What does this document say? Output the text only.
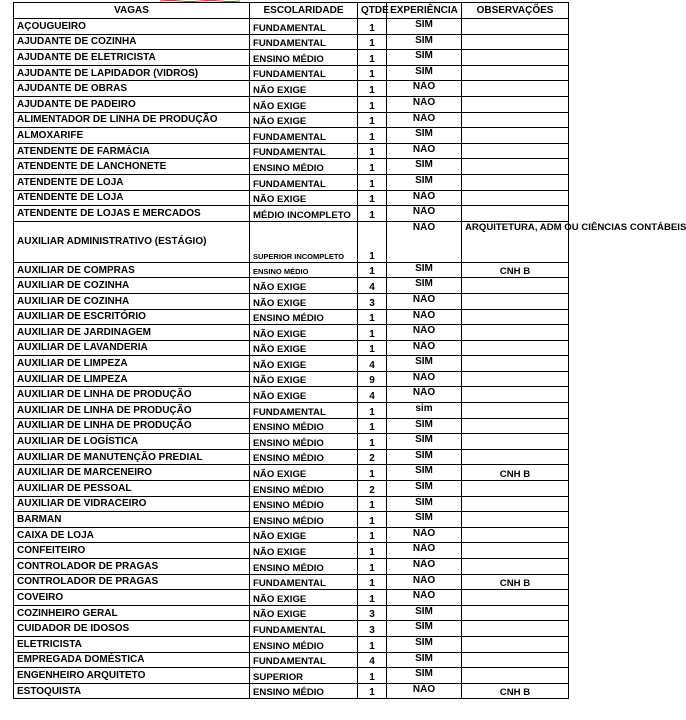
VAGAS	ESCOLARIDADE	QTDE	EXPERIÊNCIA	OBSERVAÇÕES
AÇOUGUEIRO	FUNDAMENTAL	1	SIM	
AJUDANTE DE COZINHA	FUNDAMENTAL	1	SIM	
AJUDANTE DE ELETRICISTA	ENSINO MÉDIO	1	SIM	
AJUDANTE DE LAPIDADOR (VIDROS)	FUNDAMENTAL	1	SIM	
AJUDANTE DE OBRAS	NÃO EXIGE	1	NÃO	
AJUDANTE DE PADEIRO	NÃO EXIGE	1	NÃO	
ALIMENTADOR DE LINHA DE PRODUÇÃO	NÃO EXIGE	1	NÃO	
ALMOXARIFE	FUNDAMENTAL	1	SIM	
ATENDENTE DE FARMÁCIA	FUNDAMENTAL	1	NÃO	
ATENDENTE DE LANCHONETE	ENSINO MÉDIO	1	SIM	
ATENDENTE DE LOJA	FUNDAMENTAL	1	SIM	
ATENDENTE DE LOJA	NÃO EXIGE	1	NÃO	
ATENDENTE DE LOJAS E MERCADOS	MÉDIO INCOMPLETO	1	NÃO	
AUXILIAR ADMINISTRATIVO (ESTÁGIO)	SUPERIOR INCOMPLETO	1	NÃO	ARQUITETURA, ADM OU CIÊNCIAS CONTÁBEIS
AUXILIAR DE COMPRAS	ENSINO MÉDIO	1	SIM	CNH B
AUXILIAR DE COZINHA	NÃO EXIGE	4	SIM	
AUXILIAR DE COZINHA	NÃO EXIGE	3	NÃO	
AUXILIAR DE ESCRITÓRIO	ENSINO MÉDIO	1	NÃO	
AUXILIAR DE JARDINAGEM	NÃO EXIGE	1	NÃO	
AUXILIAR DE LAVANDERIA	NÃO EXIGE	1	NÃO	
AUXILIAR DE LIMPEZA	NÃO EXIGE	4	SIM	
AUXILIAR DE LIMPEZA	NÃO EXIGE	9	NÃO	
AUXILIAR DE LINHA DE PRODUÇÃO	NÃO EXIGE	4	NÃO	
AUXILIAR DE LINHA DE PRODUÇÃO	FUNDAMENTAL	1	sim	
AUXILIAR DE LINHA DE PRODUÇÃO	ENSINO MÉDIO	1	SIM	
AUXILIAR DE LOGÍSTICA	ENSINO MÉDIO	1	SIM	
AUXILIAR DE MANUTENÇÃO PREDIAL	ENSINO MÉDIO	2	SIM	
AUXILIAR DE MARCENEIRO	NÃO EXIGE	1	SIM	CNH B
AUXILIAR DE PESSOAL	ENSINO MÉDIO	2	SIM	
AUXILIAR DE VIDRACEIRO	ENSINO MÉDIO	1	SIM	
BARMAN	ENSINO MÉDIO	1	SIM	
CAIXA DE LOJA	NÃO EXIGE	1	NÃO	
CONFEITEIRO	NÃO EXIGE	1	NÃO	
CONTROLADOR DE PRAGAS	ENSINO MÉDIO	1	NÃO	
CONTROLADOR DE PRAGAS	FUNDAMENTAL	1	NÃO	CNH B
COVEIRO	NÃO EXIGE	1	NÃO	
COZINHEIRO GERAL	NÃO EXIGE	3	SIM	
CUIDADOR DE IDOSOS	FUNDAMENTAL	3	SIM	
ELETRICISTA	ENSINO MÉDIO	1	SIM	
EMPREGADA DOMÉSTICA	FUNDAMENTAL	4	SIM	
ENGENHEIRO ARQUITETO	SUPERIOR	1	SIM	
ESTOQUISTA	ENSINO MÉDIO	1	NÃO	CNH B
